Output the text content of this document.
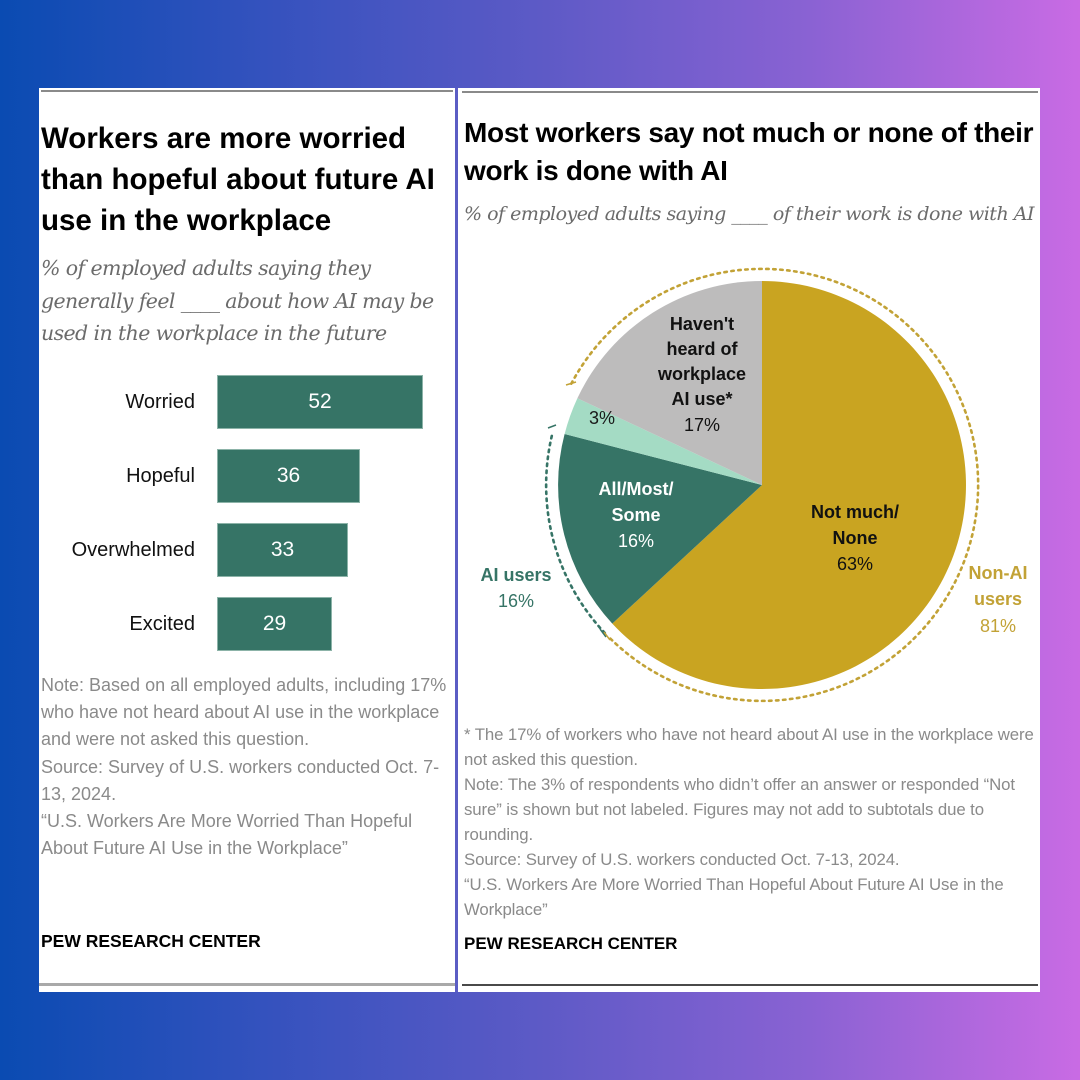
Workers are more worried than hopeful about future AI use in the workplace
% of employed adults saying they generally feel ____ about how AI may be used in the workplace in the future
Worried	52
Hopeful	36
Overwhelmed	33
Excited	29

Note: Based on all employed adults, including 17% who have not heard about AI use in the workplace and were not asked this question.

Source: Survey of U.S. workers conducted Oct. 7-13, 2024.

“U.S. Workers Are More Worried Than Hopeful About Future AI Use in the Workplace”

PEW RESEARCH CENTER
Most workers say not much or none of their work is done with AI
% of employed adults saying ____ of their work is done with AI
Haven't
heard of
workplace
AI use*
17%
3%
All/Most/
Some
16%
Not much/
None
63%
AI users
16%
Non-AI
users
81%

* The 17% of workers who have not heard about AI use in the workplace were not asked this question.

Note: The 3% of respondents who didn’t offer an answer or responded “Not sure” is shown but not labeled. Figures may not add to subtotals due to rounding.

Source: Survey of U.S. workers conducted Oct. 7-13, 2024.

“U.S. Workers Are More Worried Than Hopeful About Future AI Use in the Workplace”

PEW RESEARCH CENTER
